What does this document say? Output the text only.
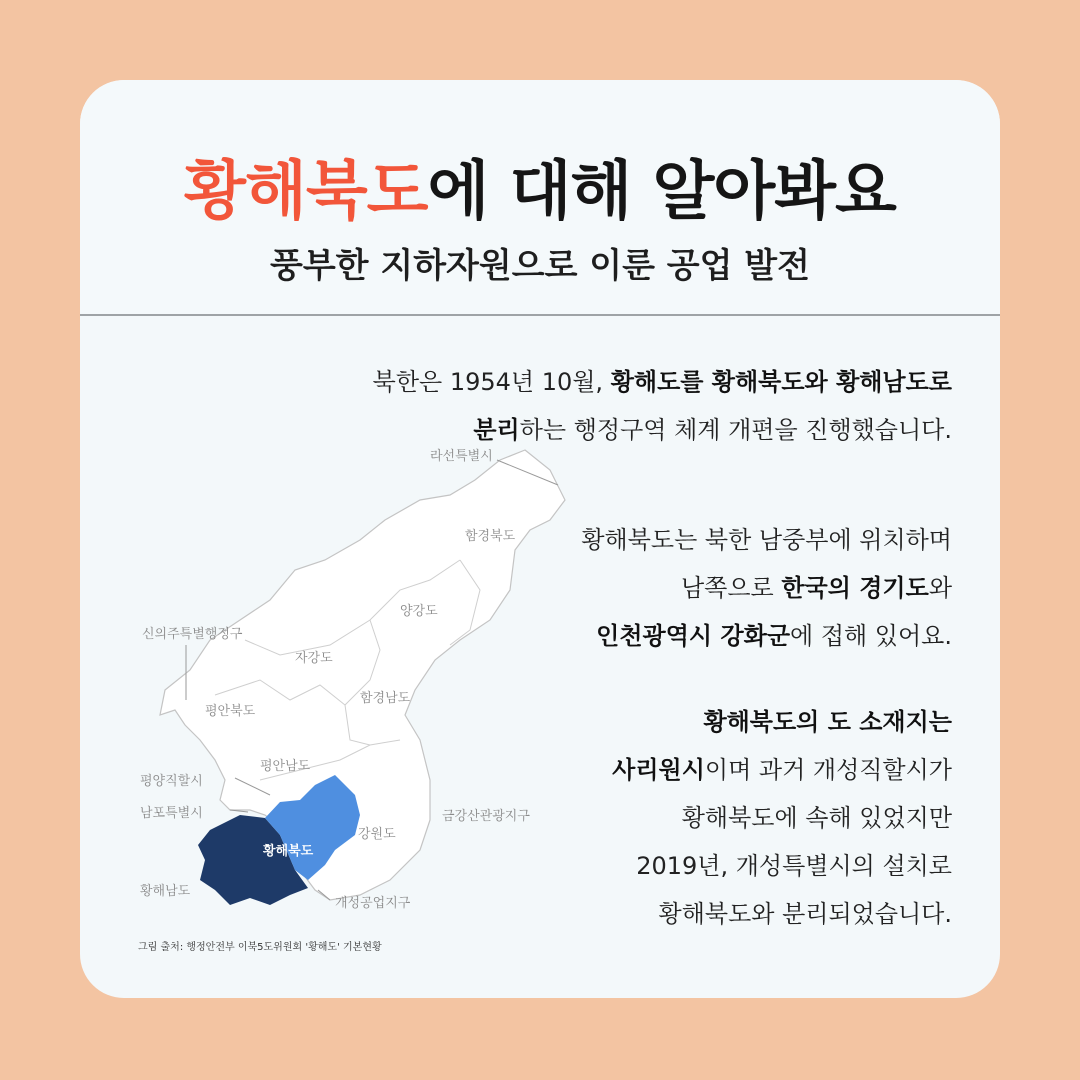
황해북도에 대해 알아봐요
풍부한 지하자원으로 이룬 공업 발전
라선특별시
함경북도
신의주특별행정구
양강도
자강도
평안북도
함경남도
평안남도
평양직할시
남포특별시
황해북도
강원도
금강산관광지구
황해남도
개성공업지구
북한은 1954년 10월, 황해도를 황해북도와 황해남도로
분리하는 행정구역 체계 개편을 진행했습니다.
황해북도는 북한 남중부에 위치하며
남쪽으로 한국의 경기도와
인천광역시 강화군에 접해 있어요.
황해북도의 도 소재지는
사리원시이며 과거 개성직할시가
황해북도에 속해 있었지만
2019년, 개성특별시의 설치로
황해북도와 분리되었습니다.
그림 출처: 행정안전부 이북5도위원회 '황해도' 기본현황
